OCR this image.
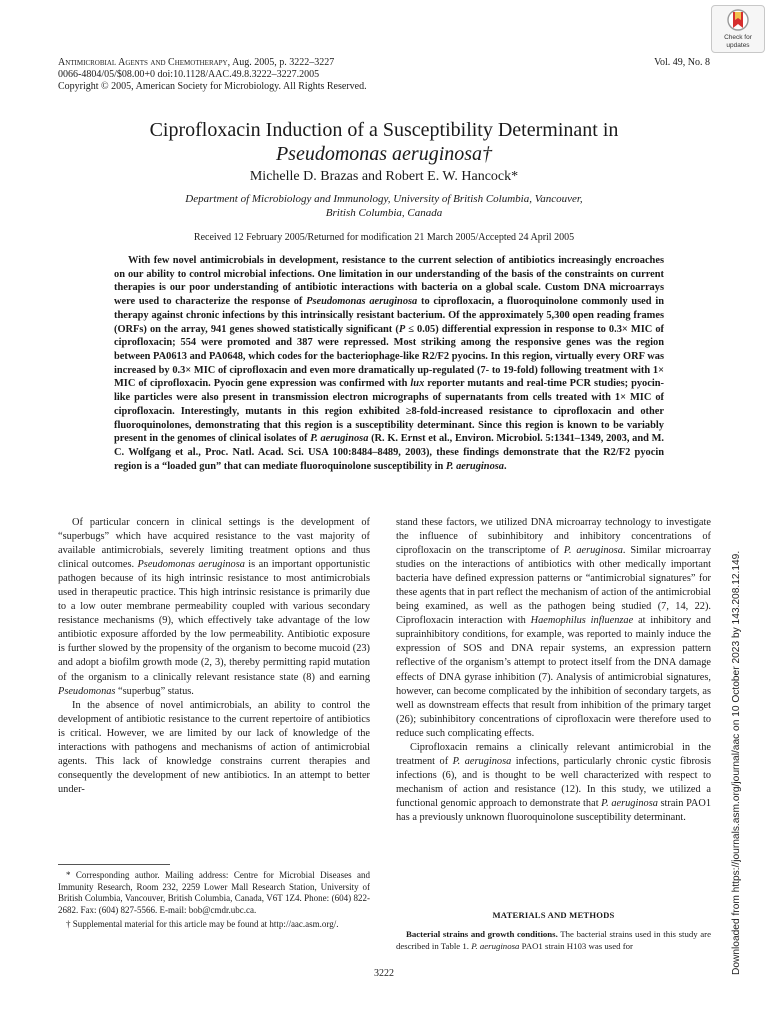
Antimicrobial Agents and Chemotherapy, Aug. 2005, p. 3222–3227
0066-4804/05/$08.00+0 doi:10.1128/AAC.49.8.3222–3227.2005
Copyright © 2005, American Society for Microbiology. All Rights Reserved.
Vol. 49, No. 8
Check for
updates
Ciprofloxacin Induction of a Susceptibility Determinant in
Pseudomonas aeruginosa†
Michelle D. Brazas and Robert E. W. Hancock*
Department of Microbiology and Immunology, University of British Columbia, Vancouver,
British Columbia, Canada
Received 12 February 2005/Returned for modification 21 March 2005/Accepted 24 April 2005

With few novel antimicrobials in development, resistance to the current selection of antibiotics increasingly encroaches on our ability to control microbial infections. One limitation in our understanding of the basis of the constraints on current therapies is our poor understanding of antibiotic interactions with bacteria on a global scale. Custom DNA microarrays were used to characterize the response of Pseudomonas aeruginosa to ciprofloxacin, a fluoroquinolone commonly used in therapy against chronic infections by this intrinsically resistant bacterium. Of the approximately 5,300 open reading frames (ORFs) on the array, 941 genes showed statistically significant (P ≤ 0.05) differential expression in response to 0.3× MIC of ciprofloxacin; 554 were promoted and 387 were repressed. Most striking among the responsive genes was the region between PA0613 and PA0648, which codes for the bacteriophage-like R2/F2 pyocins. In this region, virtually every ORF was increased by 0.3× MIC of ciprofloxacin and even more dramatically up-regulated (7- to 19-fold) following treatment with 1× MIC of ciprofloxacin. Pyocin gene expression was confirmed with lux reporter mutants and real-time PCR studies; pyocin-like particles were also present in transmission electron micrographs of supernatants from cells treated with 1× MIC of ciprofloxacin. Interestingly, mutants in this region exhibited ≥8-fold-increased resistance to ciprofloxacin and other fluoroquinolones, demonstrating that this region is a susceptibility determinant. Since this region is known to be variably present in the genomes of clinical isolates of P. aeruginosa (R. K. Ernst et al., Environ. Microbiol. 5:1341–1349, 2003, and M. C. Wolfgang et al., Proc. Natl. Acad. Sci. USA 100:8484–8489, 2003), these findings demonstrate that the R2/F2 pyocin region is a “loaded gun” that can mediate fluoroquinolone susceptibility in P. aeruginosa.

Of particular concern in clinical settings is the development of “superbugs” which have acquired resistance to the vast majority of available antimicrobials, severely limiting treatment options and thus clinical outcomes. Pseudomonas aeruginosa is an important opportunistic pathogen because of its high intrinsic resistance to most antimicrobials used in therapeutic practice. This high intrinsic resistance is primarily due to a low outer membrane permeability coupled with various secondary resistance mechanisms (9), which effectively take advantage of the low antibiotic exposure afforded by the low permeability. Antibiotic exposure is further slowed by the propensity of the organism to become mucoid (23) and adopt a biofilm growth mode (2, 3), thereby permitting rapid mutation of the organism to a clinically relevant resistance state (8) and earning Pseudomonas “superbug” status.

In the absence of novel antimicrobials, an ability to control the development of antibiotic resistance to the current repertoire of antibiotics is critical. However, we are limited by our lack of knowledge of the interactions with pathogens and mechanisms of action of antimicrobial agents. This lack of knowledge constrains current therapies and consequently the development of new antibiotics. In an attempt to better under-

* Corresponding author. Mailing address: Centre for Microbial Diseases and Immunity Research, Room 232, 2259 Lower Mall Research Station, University of British Columbia, Vancouver, British Columbia, Canada, V6T 1Z4. Phone: (604) 822-2682. Fax: (604) 827-5566. E-mail: bob@cmdr.ubc.ca.

† Supplemental material for this article may be found at http://aac.asm.org/.

stand these factors, we utilized DNA microarray technology to investigate the influence of subinhibitory and inhibitory concentrations of ciprofloxacin on the transcriptome of P. aeruginosa. Similar microarray studies on the interactions of antibiotics with other medically important bacteria have defined expression patterns or “antimicrobial signatures” for these agents that in part reflect the mechanism of action of the antimicrobial being examined, as well as the pathogen being studied (7, 14, 22). Ciprofloxacin interaction with Haemophilus influenzae at inhibitory and suprainhibitory conditions, for example, was reported to mainly induce the expression of SOS and DNA repair systems, an expression pattern reflective of the organism’s attempt to protect itself from the DNA damage effects of DNA gyrase inhibition (7). Analysis of antimicrobial signatures, however, can become complicated by the inhibition of secondary targets, as well as downstream effects that result from inhibition of the primary target (26); subinhibitory concentrations of ciprofloxacin were therefore used to reduce such complicating effects.

Ciprofloxacin remains a clinically relevant antimicrobial in the treatment of P. aeruginosa infections, particularly chronic cystic fibrosis infections (6), and is thought to be well characterized with respect to mechanism of action and resistance (12). In this study, we utilized a functional genomic approach to demonstrate that P. aeruginosa strain PAO1 has a previously unknown fluoroquinolone susceptibility determinant.

MATERIALS AND METHODS

Bacterial strains and growth conditions. The bacterial strains used in this study are described in Table 1. P. aeruginosa PAO1 strain H103 was used for

3222	Downloaded from https://journals.asm.org/journal/aac on 10 October 2023 by 143.208.12.149.
